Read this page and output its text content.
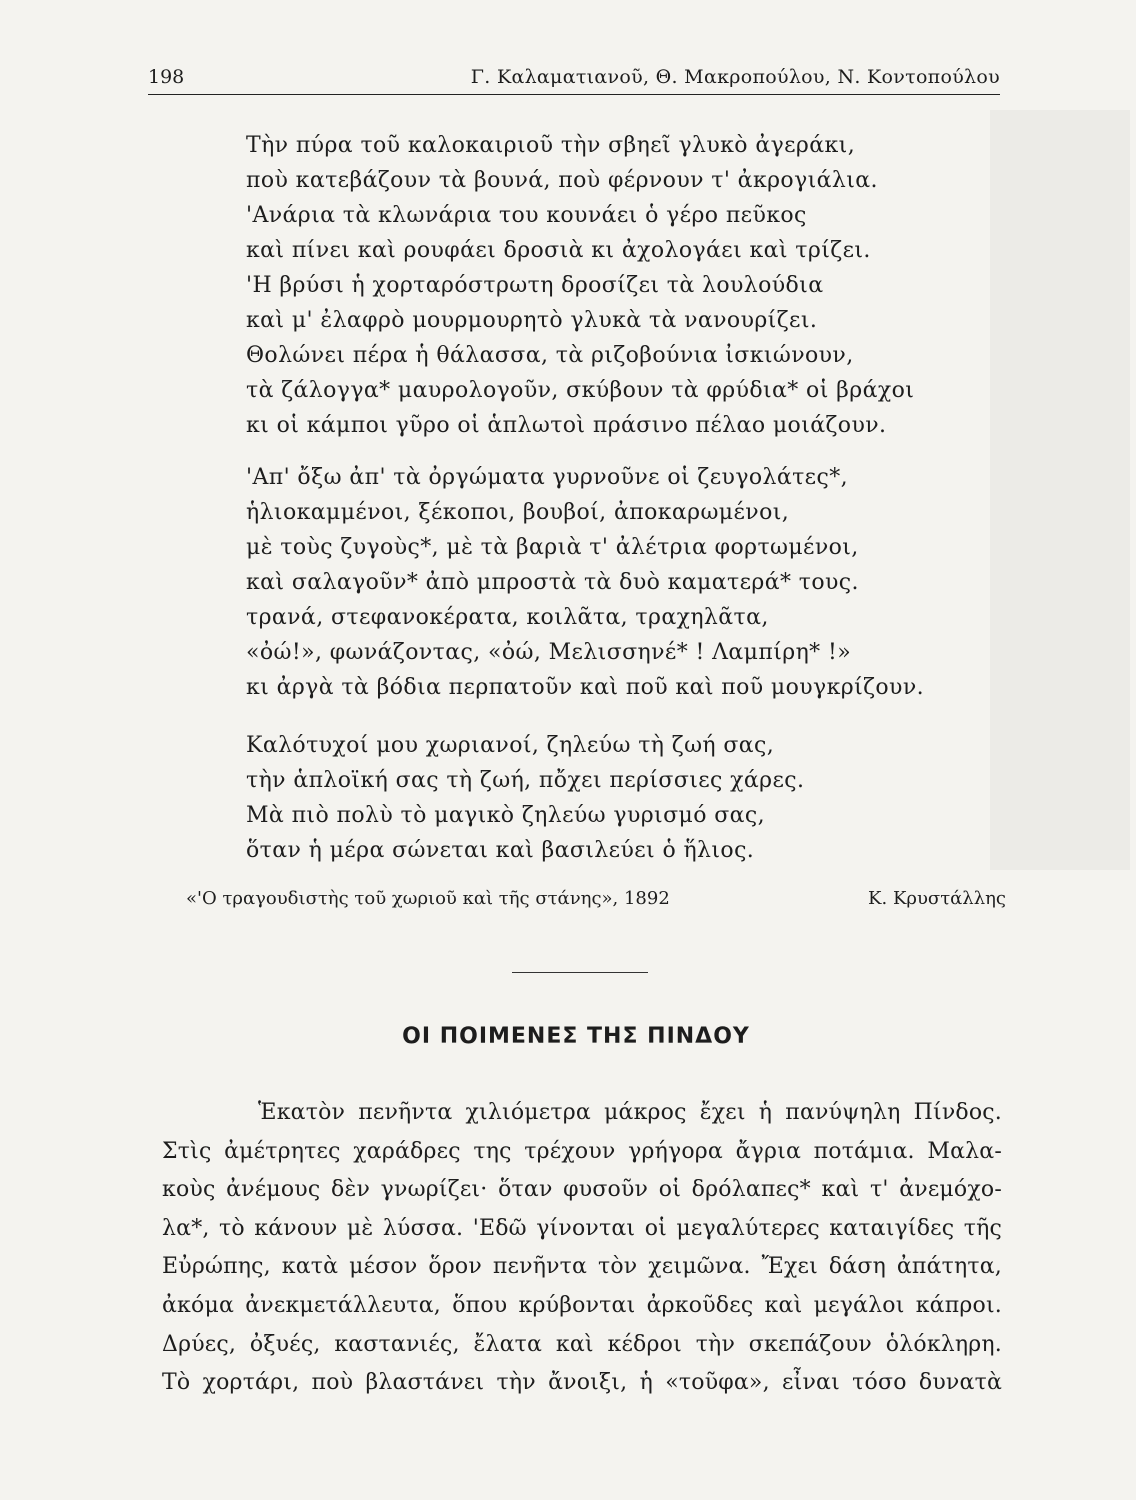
198	Γ. Καλαματιανοῦ, Θ. Μακροπούλου, Ν. Κοντοπούλου
Τὴν πύρα τοῦ καλοκαιριοῦ τὴν σβηεῖ γλυκὸ ἀγεράκι,
ποὺ κατεβάζουν τὰ βουνά, ποὺ φέρνουν τ' ἀκρογιάλια.
'Ανάρια τὰ κλωνάρια του κουνάει ὁ γέρο πεῦκος
καὶ πίνει καὶ ρουφάει δροσιὰ κι ἀχολογάει καὶ τρίζει.
'Η βρύσι ἡ χορταρόστρωτη δροσίζει τὰ λουλούδια
καὶ μ' ἐλαφρὸ μουρμουρητὸ γλυκὰ τὰ νανουρίζει.
Θολώνει πέρα ἡ θάλασσα, τὰ ριζοβούνια ἰσκιώνουν,
τὰ ζάλογγα* μαυρολογοῦν, σκύβουν τὰ φρύδια* οἱ βράχοι
κι οἱ κάμποι γῦρο οἱ ἁπλωτοὶ πράσινο πέλαο μοιάζουν.
'Απ' ὄξω ἀπ' τὰ ὀργώματα γυρνοῦνε οἱ ζευγολάτες*,
ἡλιοκαμμένοι, ξέκοποι, βουβοί, ἀποκαρωμένοι,
μὲ τοὺς ζυγοὺς*, μὲ τὰ βαριὰ τ' ἀλέτρια φορτωμένοι,
καὶ σαλαγοῦν* ἀπὸ μπροστὰ τὰ δυὸ καματερά* τους.
τρανά, στεφανοκέρατα, κοιλᾶτα, τραχηλᾶτα,
«ὀώ!», φωνάζοντας, «ὀώ, Μελισσηνέ* ! Λαμπίρη* !»
κι ἀργὰ τὰ βόδια περπατοῦν καὶ ποῦ καὶ ποῦ μουγκρίζουν.
Καλότυχοί μου χωριανοί, ζηλεύω τὴ ζωή σας,
τὴν ἁπλοϊκή σας τὴ ζωή, πὄχει περίσσιες χάρες.
Μὰ πιὸ πολὺ τὸ μαγικὸ ζηλεύω γυρισμό σας,
ὅταν ἡ μέρα σώνεται καὶ βασιλεύει ὁ ἥλιος.
«'Ο τραγουδιστὴς τοῦ χωριοῦ καὶ τῆς στάνης», 1892	Κ. Κρυστάλλης
ΟΙ ΠΟΙΜΕΝΕΣ ΤΗΣ ΠΙΝΔΟΥ
Ἑκατὸν πενῆντα χιλιόμετρα μάκρος ἔχει ἡ πανύψηλη Πίνδος.
Στὶς ἀμέτρητες χαράδρες της τρέχουν γρήγορα ἄγρια ποτάμια. Μαλα-
κοὺς ἀνέμους δὲν γνωρίζει· ὅταν φυσοῦν οἱ δρόλαπες* καὶ τ' ἀνεμόχο-
λα*, τὸ κάνουν μὲ λύσσα. 'Εδῶ γίνονται οἱ μεγαλύτερες καταιγίδες τῆς
Εὐρώπης, κατὰ μέσον ὅρον πενῆντα τὸν χειμῶνα. Ἔχει δάση ἀπάτητα,
ἀκόμα ἀνεκμετάλλευτα, ὅπου κρύβονται ἀρκοῦδες καὶ μεγάλοι κάπροι.
Δρύες, ὀξυές, καστανιές, ἔλατα καὶ κέδροι τὴν σκεπάζουν ὁλόκληρη.
Τὸ χορτάρι, ποὺ βλαστάνει τὴν ἄνοιξι, ἡ «τοῦφα», εἶναι τόσο δυνατὰ
